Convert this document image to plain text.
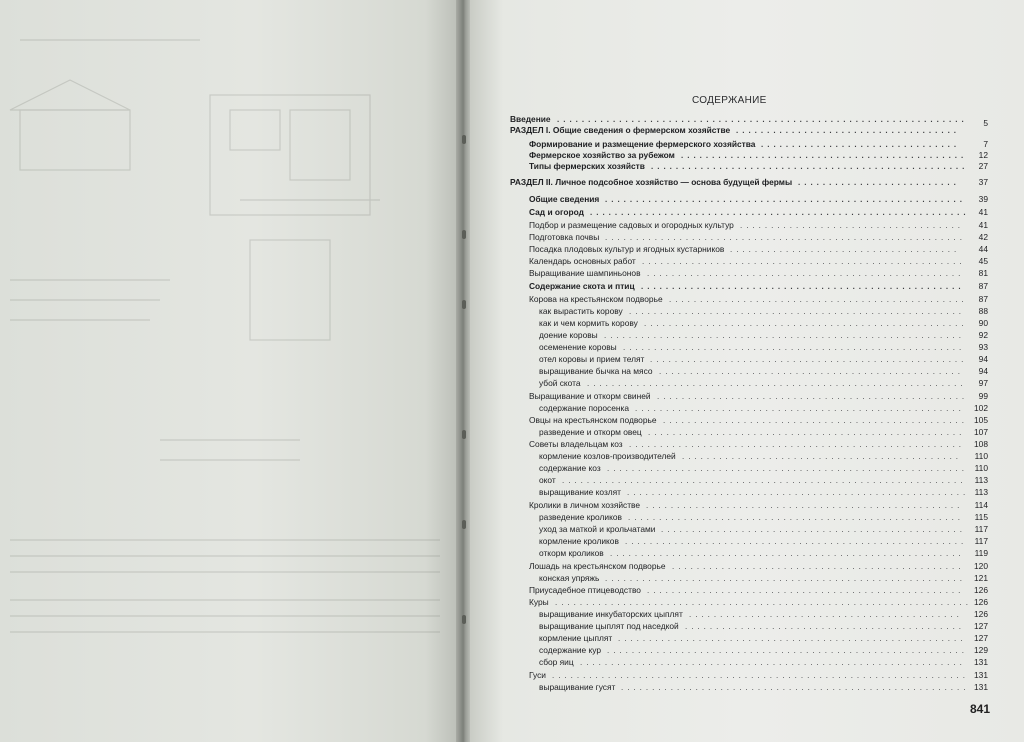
СОДЕРЖАНИЕ
Введение ..................................................................	5
РАЗДЕЛ I. Общие сведения о фермерском хозяйстве ....................................
Формирование и размещение фермерского хозяйства ................................	7
Фермерское хозяйство за рубежом ..............................................	12
Типы фермерских хозяйств ...................................................	27
РАЗДЕЛ II. Личное подсобное хозяйство — основа будущей фермы ..........................	37
Общие сведения ..........................................................	39
Сад и огород .............................................................	41
Подбор и размещение садовых и огородных культур ....................................	41
Подготовка почвы ..........................................................	42
Посадка плодовых культур и ягодных кустарников .....................................	44
Календарь основных работ ....................................................	45
Выращивание шампиньонов ...................................................	81
Содержание скота и птиц ....................................................	87
Корова на крестьянском подворье ................................................	87
как вырастить корову ......................................................	88
как и чем кормить корову ....................................................	90
доение коровы ..........................................................	92
осеменение коровы .......................................................	93
отел коровы и прием телят ...................................................	94
выращивание бычка на мясо .................................................	94
убой скота .............................................................	97
Выращивание и откорм свиней ..................................................	99
содержание поросенка .....................................................	102
Овцы на крестьянском подворье ................................................. 105
разведение и откорм овец ...................................................	107
Советы владельцам коз ......................................................	108
кормление козлов-производителей .............................................	110
содержание коз .......................................................... 110
окот ................................................................. 113
выращивание козлят ....................................................... 113
Кролики в личном хозяйстве ...................................................	114
разведение кроликов ......................................................	115
уход за маткой и крольчатами .................................................	117
кормление кроликов ....................................................... 117
откорм кроликов .........................................................	119
Лошадь на крестьянском подворье ...............................................	120
конская упряжь .......................................................... 121
Приусадебное птицеводство ...................................................	126
Куры ................................................................... 126
выращивание инкубаторских цыплят ............................................	126
выращивание цыплят под наседкой .............................................	127
кормление цыплят ........................................................ 127
содержание кур .......................................................... 129
сбор яиц .............................................................. 131
Гуси ................................................................... 131
выращивание гусят ........................................................ 131
841
